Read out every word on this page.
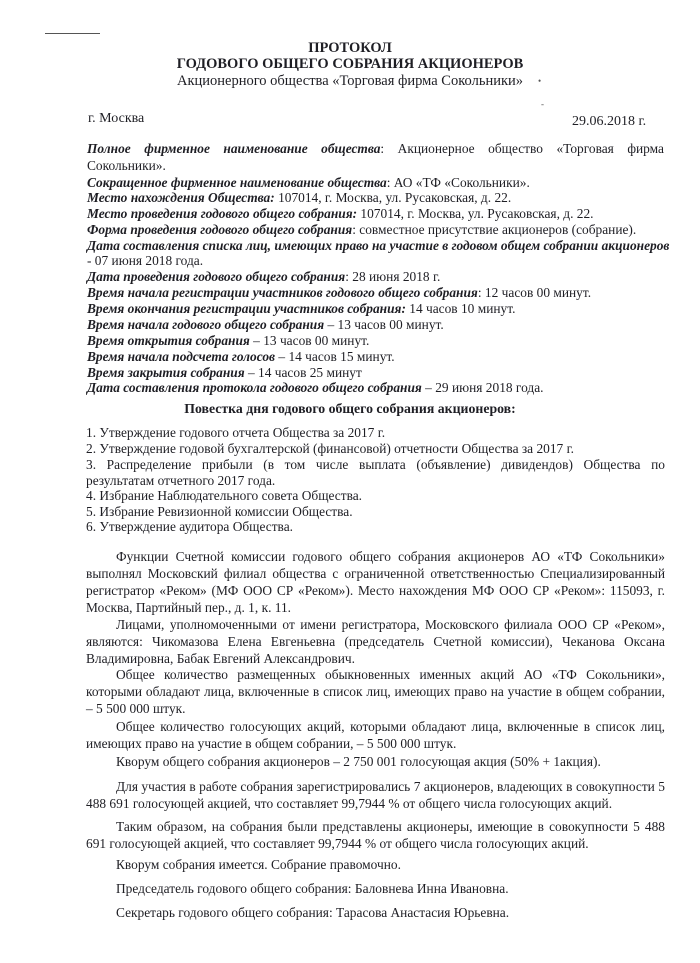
ПРОТОКОЛ
ГОДОВОГО ОБЩЕГО СОБРАНИЯ АКЦИОНЕРОВ
Акционерного общества «Торговая фирма Сокольники»	•
-
г. Москва	29.06.2018 г.
Полное фирменное наименование общества: Акционерное общество «Торговая фирма
Сокольники».
Сокращенное фирменное наименование общества: АО «ТФ «Сокольники».
Место нахождения Общества: 107014, г. Москва, ул. Русаковская, д. 22.
Место проведения годового общего собрания: 107014, г. Москва, ул. Русаковская, д. 22.
Форма проведения годового общего собрания: совместное присутствие акционеров (собрание).
Дата составления списка лиц, имеющих право на участие в годовом общем собрании акционеров
- 07 июня 2018 года.
Дата проведения годового общего собрания: 28 июня 2018 г.
Время начала регистрации участников годового общего собрания: 12 часов 00 минут.
Время окончания регистрации участников собрания: 14 часов 10 минут.
Время начала годового общего собрания – 13 часов 00 минут.
Время открытия собрания – 13 часов 00 минут.
Время начала подсчета голосов – 14 часов 15 минут.
Время закрытия собрания – 14 часов 25 минут
Дата составления протокола годового общего собрания – 29 июня 2018 года.
Повестка дня годового общего собрания акционеров:
1. Утверждение годового отчета Общества за 2017 г.
2. Утверждение годовой бухгалтерской (финансовой) отчетности Общества за 2017 г.
3. Распределение прибыли (в том числе выплата (объявление) дивидендов) Общества по
результатам отчетного 2017 года.
4. Избрание Наблюдательного совета Общества.
5. Избрание Ревизионной комиссии Общества.
6. Утверждение аудитора Общества.
Функции Счетной комиссии годового общего собрания акционеров АО «ТФ Сокольники» выполнял Московский филиал общества с ограниченной ответственностью Специализированный регистратор «Реком» (МФ ООО СР «Реком»). Место нахождения МФ ООО СР «Реком»: 115093, г. Москва, Партийный пер., д. 1, к. 11.
Лицами, уполномоченными от имени регистратора, Московского филиала ООО СР «Реком», являются: Чикомазова Елена Евгеньевна (председатель Счетной комиссии), Чеканова Оксана Владимировна, Бабак Евгений Александрович.
Общее количество размещенных обыкновенных именных акций АО «ТФ Сокольники», которыми обладают лица, включенные в список лиц, имеющих право на участие в общем собрании, – 5 500 000 штук.
Общее количество голосующих акций, которыми обладают лица, включенные в список лиц, имеющих право на участие в общем собрании, – 5 500 000 штук.
Кворум общего собрания акционеров – 2 750 001 голосующая акция (50% + 1акция).
Для участия в работе собрания зарегистрировались 7 акционеров, владеющих в совокупности 5 488 691 голосующей акцией, что составляет 99,7944 % от общего числа голосующих акций.
Таким образом, на собрания были представлены акционеры, имеющие в совокупности 5 488 691 голосующей акцией, что составляет 99,7944 % от общего числа голосующих акций.
Кворум собрания имеется. Собрание правомочно.
Председатель годового общего собрания: Баловнева Инна Ивановна.
Секретарь годового общего собрания: Тарасова Анастасия Юрьевна.
